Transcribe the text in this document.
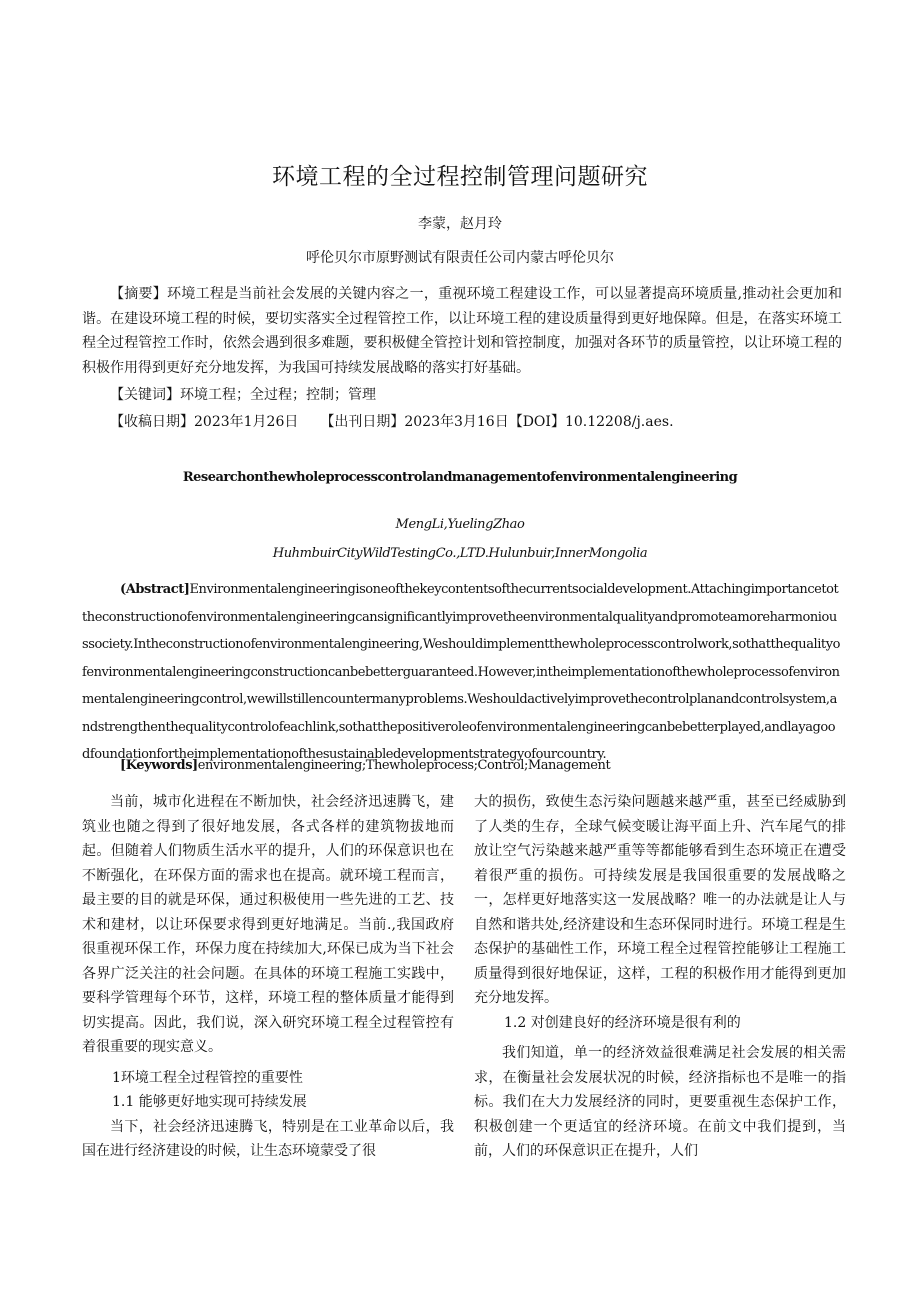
环境工程的全过程控制管理问题研究
李蒙，赵月玲
呼伦贝尔市原野测试有限责任公司内蒙古呼伦贝尔

【摘要】环境工程是当前社会发展的关键内容之一，重视环境工程建设工作，可以显著提高环境质量,推动社会更加和谐。在建设环境工程的时候，要切实落实全过程管控工作，以让环境工程的建设质量得到更好地保障。但是，在落实环境工程全过程管控工作时，依然会遇到很多难题，要积极健全管控计划和管控制度，加强对各环节的质量管控，以让环境工程的积极作用得到更好充分地发挥，为我国可持续发展战略的落实打好基础。

【关键词】环境工程；全过程；控制；管理
【收稿日期】2023年1月26日 【出刊日期】2023年3月16日【DOI】10.12208/j.aes.
Researchonthewholeprocesscontrolandmanagementofenvironmentalengineering
MengLi,YuelingZhao
HuhmbuirCityWildTestingCo.,LTD.Hulunbuir,InnerMongolia
(Abstract]Environmentalengineeringisoneofthekeycontentsofthecurrentsocialdevelopment.Attachingimportancetottheconstructionofenvironmentalengineeringcansignificantlyimprovetheenvironmentalqualityandpromoteamoreharmonioussociety.Intheconstructionofenvironmentalengineering,Weshouldimplementthewholeprocesscontrolwork,sothatthequalityofenvironmentalengineeringconstructioncanbebetterguaranteed.However,intheimplementationofthewholeprocessofenvironmentalengineeringcontrol,wewillstillencountermanyproblems.Weshouldactivelyimprovethecontrolplanandcontrolsystem,andstrengthenthequalitycontrolofeachlink,sothatthepositiveroleofenvironmentalengineeringcanbebetterplayed,andlayagoodfoundationfortheimplementationofthesustainabledevelopmentstrategyofourcountry.
[Keywords]environmentalengineering;Thewholeprocess;Control;Management

当前，城市化进程在不断加快，社会经济迅速腾飞，建筑业也随之得到了很好地发展，各式各样的建筑物拔地而起。但随着人们物质生活水平的提升，人们的环保意识也在不断强化，在环保方面的需求也在提高。就环境工程而言，最主要的目的就是环保，通过积极使用一些先进的工艺、技术和建材，以让环保要求得到更好地满足。当前.,我国政府很重视环保工作，环保力度在持续加大,环保已成为当下社会各界广泛关注的社会问题。在具体的环境工程施工实践中，要科学管理每个环节，这样，环境工程的整体质量才能得到切实提高。因此，我们说，深入研究环境工程全过程管控有着很重要的现实意义。

1环境工程全过程管控的重要性

1.1 能够更好地实现可持续发展

当下，社会经济迅速腾飞，特别是在工业革命以后，我国在进行经济建设的时候，让生态环境蒙受了很

大的损伤，致使生态污染问题越来越严重，甚至已经威胁到了人类的生存，全球气候变暖让海平面上升、汽车尾气的排放让空气污染越来越严重等等都能够看到生态环境正在遭受着很严重的损伤。可持续发展是我国很重要的发展战略之一，怎样更好地落实这一发展战略？唯一的办法就是让人与自然和谐共处,经济建设和生态环保同时进行。环境工程是生态保护的基础性工作，环境工程全过程管控能够让工程施工质量得到很好地保证，这样，工程的积极作用才能得到更加充分地发挥。

1.2 对创建良好的经济环境是很有利的

我们知道，单一的经济效益很难满足社会发展的相关需求，在衡量社会发展状况的时候，经济指标也不是唯一的指标。我们在大力发展经济的同时，更要重视生态保护工作，积极创建一个更适宜的经济环境。在前文中我们提到，当前，人们的环保意识正在提升，人们
